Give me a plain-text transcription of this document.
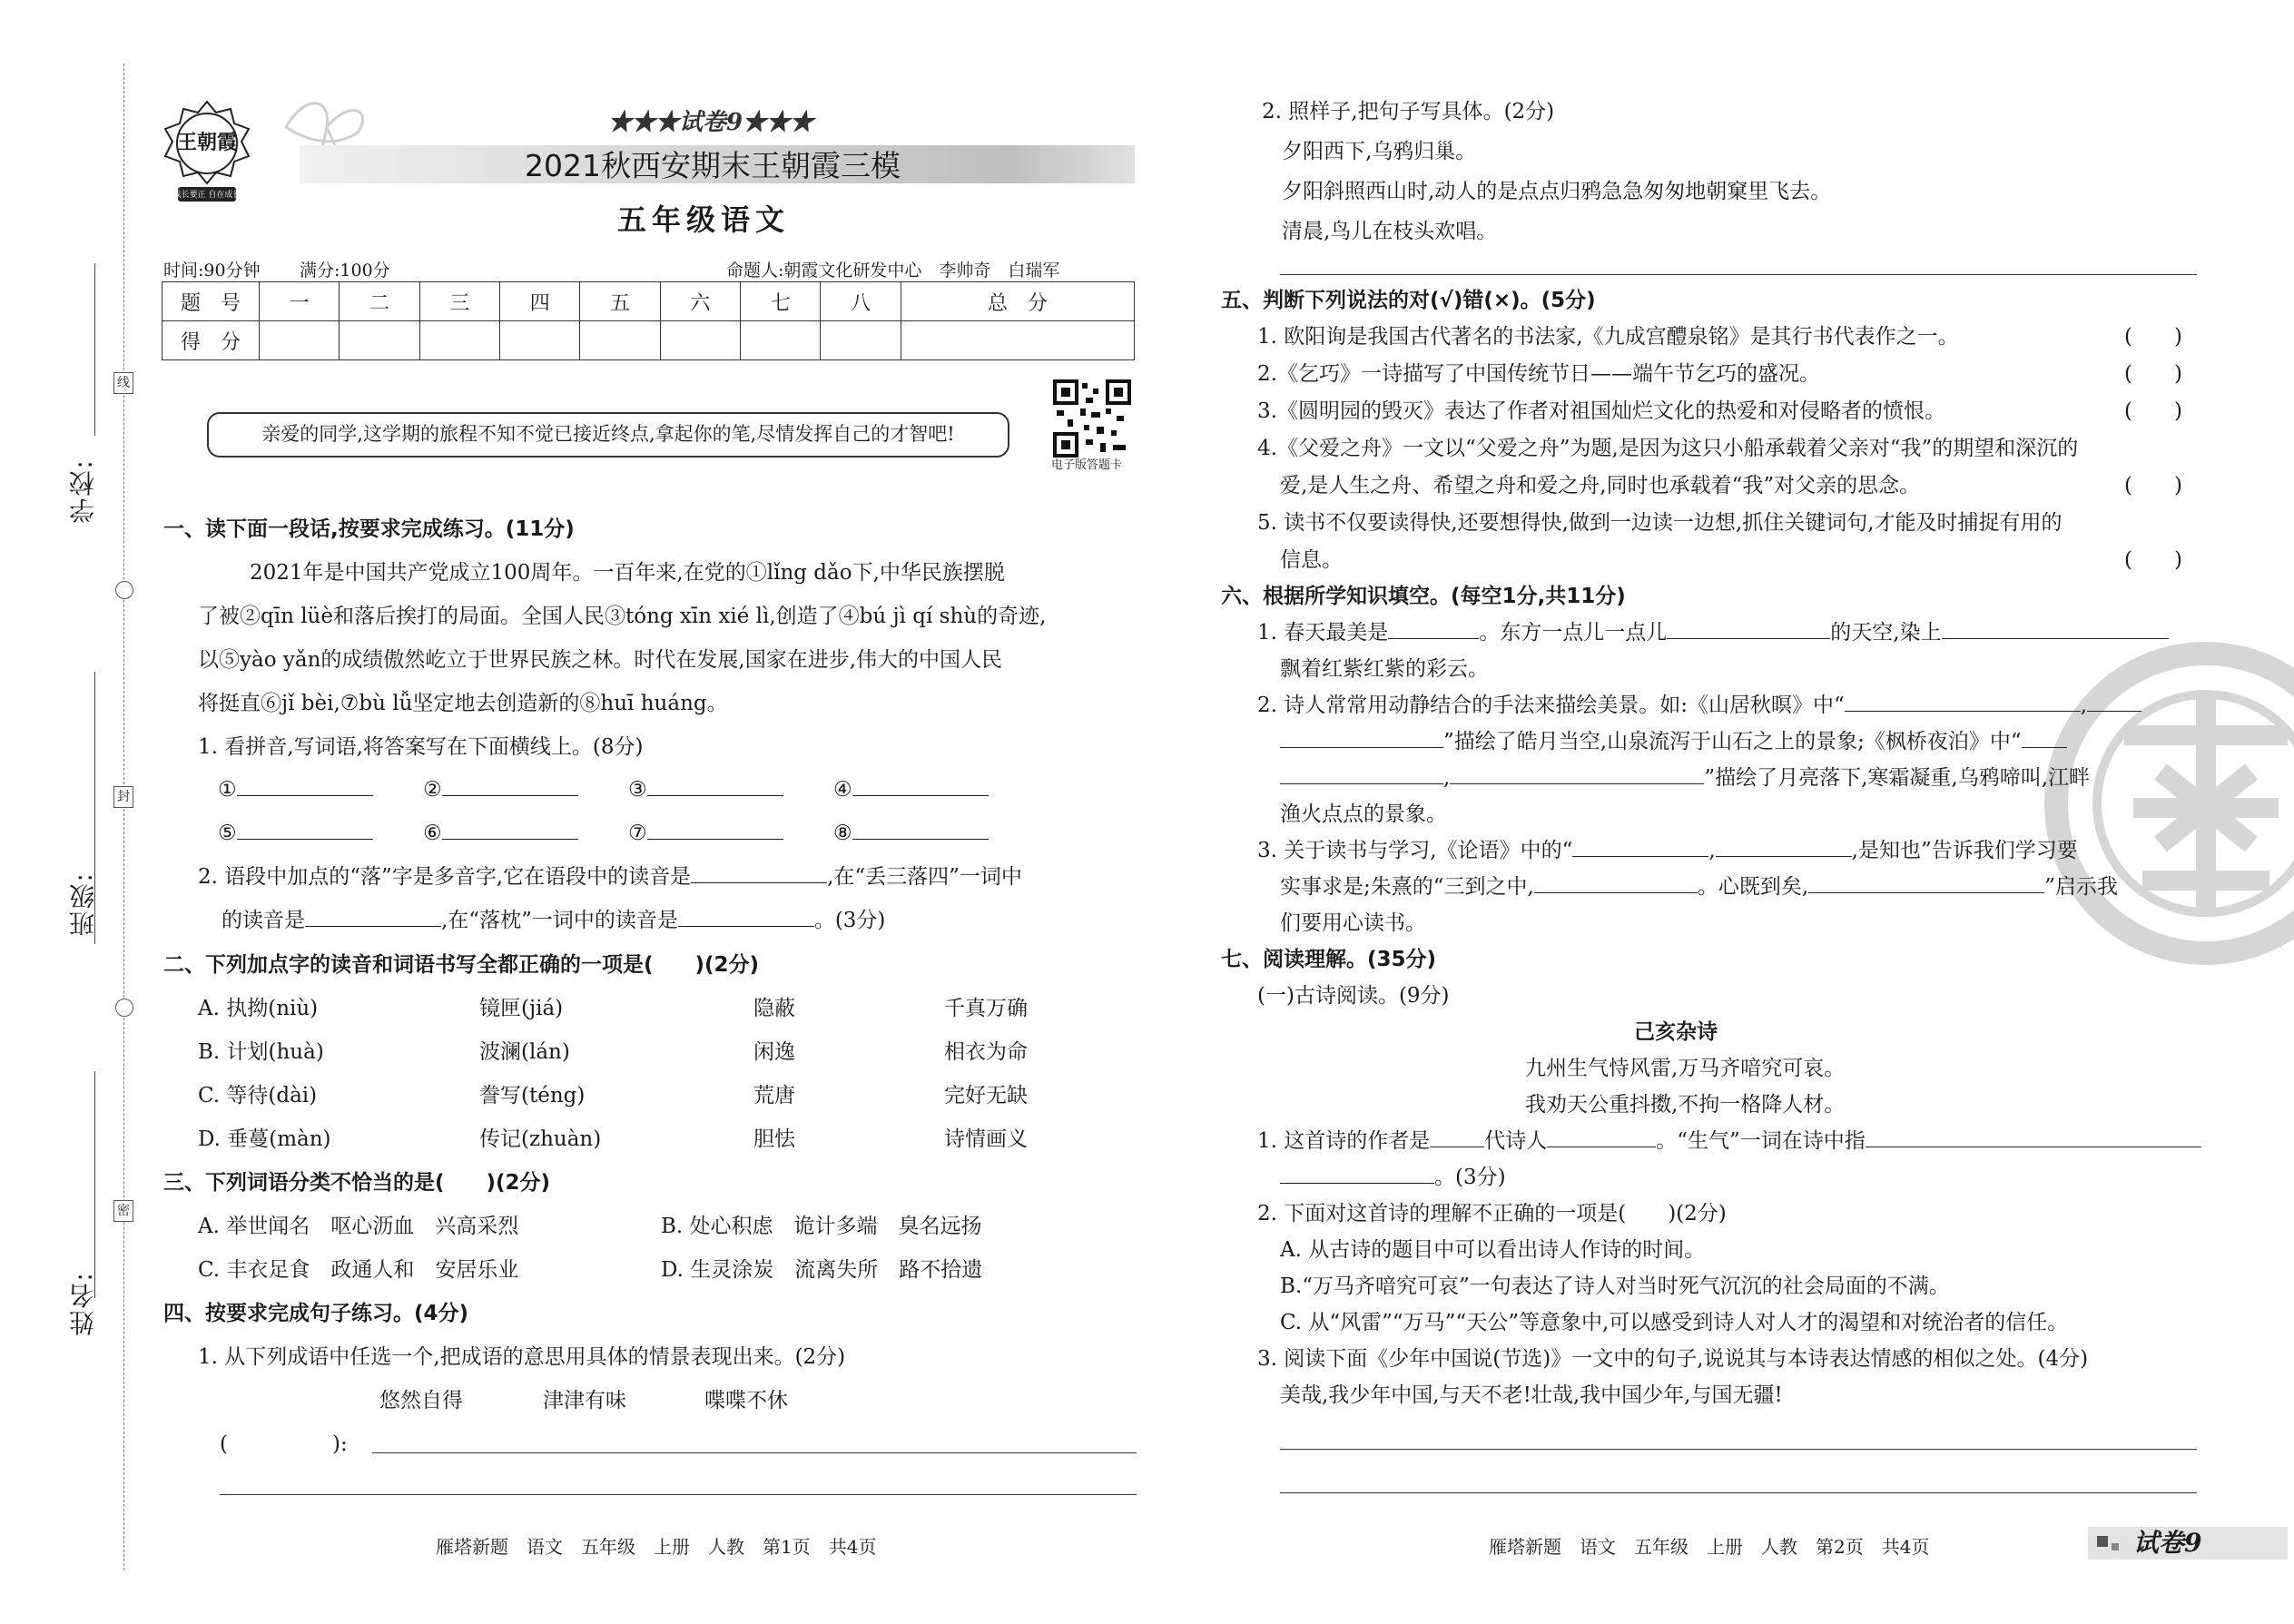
学校:
班级:
姓名:
线
封
密
王朝霞
成长要正 自在成长
★★★试卷9★★★
2021秋西安期末王朝霞三模
五年级语文
时间:90分钟 满分:100分	命题人:朝霞文化研发中心　李帅奇　白瑞军
题　号	一	二	三	四	五	六	七	八	总　分
得　分									
亲爱的同学,这学期的旅程不知不觉已接近终点,拿起你的笔,尽情发挥自己的才智吧!
电子版答题卡
一、读下面一段话,按要求完成练习。(11分)
2021年是中国共产党成立100周年。一百年来,在党的①lǐng dǎo下,中华民族摆脱
了被②qīn lüè和落后挨打的局面。全国人民③tóng xīn xié lì,创造了④bú jì qí shù的奇迹,
以⑤yào yǎn的成绩傲然屹立于世界民族之林。时代在发展,国家在进步,伟大的中国人民
将挺直⑥jǐ bèi,⑦bù lǚ坚定地去创造新的⑧huī huáng。
1. 看拼音,写词语,将答案写在下面横线上。(8分)
①	②	③	④
⑤	⑥	⑦	⑧
2. 语段中加点的“落”字是多音字,它在语段中的读音是	,在“丢三落四”一词中
的读音是	,在“落枕”一词中的读音是	。(3分)
二、下列加点字的读音和词语书写全都正确的一项是(　　)(2分)
A. 执拗(niù)	镜匣(jiá)	隐蔽	千真万确
B. 计划(huà)	波澜(lán)	闲逸	相衣为命
C. 等待(dài)	誊写(téng)	荒唐	完好无缺
D. 垂蔓(màn)	传记(zhuàn)	胆怯	诗情画义
三、下列词语分类不恰当的是(　　)(2分)
A. 举世闻名　呕心沥血　兴高采烈	B. 处心积虑　诡计多端　臭名远扬
C. 丰衣足食　政通人和　安居乐业	D. 生灵涂炭　流离失所　路不拾遗
四、按要求完成句子练习。(4分)
1. 从下列成语中任选一个,把成语的意思用具体的情景表现出来。(2分)
悠然自得	津津有味	喋喋不休
(　　　　　):
雁塔新题　语文　五年级　上册　人教　第1页　共4页
2. 照样子,把句子写具体。(2分)
夕阳西下,乌鸦归巢。
夕阳斜照西山时,动人的是点点归鸦急急匆匆地朝窠里飞去。
清晨,鸟儿在枝头欢唱。
五、判断下列说法的对(√)错(×)。(5分)
1. 欧阳询是我国古代著名的书法家,《九成宫醴泉铭》是其行书代表作之一。	(　　)
2.《乞巧》一诗描写了中国传统节日——端午节乞巧的盛况。	(　　)
3.《圆明园的毁灭》表达了作者对祖国灿烂文化的热爱和对侵略者的愤恨。	(　　)
4.《父爱之舟》一文以“父爱之舟”为题,是因为这只小船承载着父亲对“我”的期望和深沉的
爱,是人生之舟、希望之舟和爱之舟,同时也承载着“我”对父亲的思念。	(　　)
5. 读书不仅要读得快,还要想得快,做到一边读一边想,抓住关键词句,才能及时捕捉有用的
信息。	(　　)
六、根据所学知识填空。(每空1分,共11分)
1. 春天最美是	。东方一点儿一点儿	的天空,染上
飘着红紫红紫的彩云。
2. 诗人常常用动静结合的手法来描绘美景。如:《山居秋暝》中“	,
”描绘了皓月当空,山泉流泻于山石之上的景象;《枫桥夜泊》中“
,	”描绘了月亮落下,寒霜凝重,乌鸦啼叫,江畔
渔火点点的景象。
3. 关于读书与学习,《论语》中的“	,	,是知也”告诉我们学习要
实事求是;朱熹的“三到之中,	。心既到矣,	”启示我
们要用心读书。
七、阅读理解。(35分)
(一)古诗阅读。(9分)
己亥杂诗
九州生气恃风雷,万马齐喑究可哀。
我劝天公重抖擞,不拘一格降人材。
1. 这首诗的作者是	代诗人	。“生气”一词在诗中指
。(3分)
2. 下面对这首诗的理解不正确的一项是(　　)(2分)
A. 从古诗的题目中可以看出诗人作诗的时间。
B.“万马齐喑究可哀”一句表达了诗人对当时死气沉沉的社会局面的不满。
C. 从“风雷”“万马”“天公”等意象中,可以感受到诗人对人才的渴望和对统治者的信任。
3. 阅读下面《少年中国说(节选)》一文中的句子,说说其与本诗表达情感的相似之处。(4分)
美哉,我少年中国,与天不老!壮哉,我中国少年,与国无疆!
雁塔新题　语文　五年级　上册　人教　第2页　共4页	试卷9
